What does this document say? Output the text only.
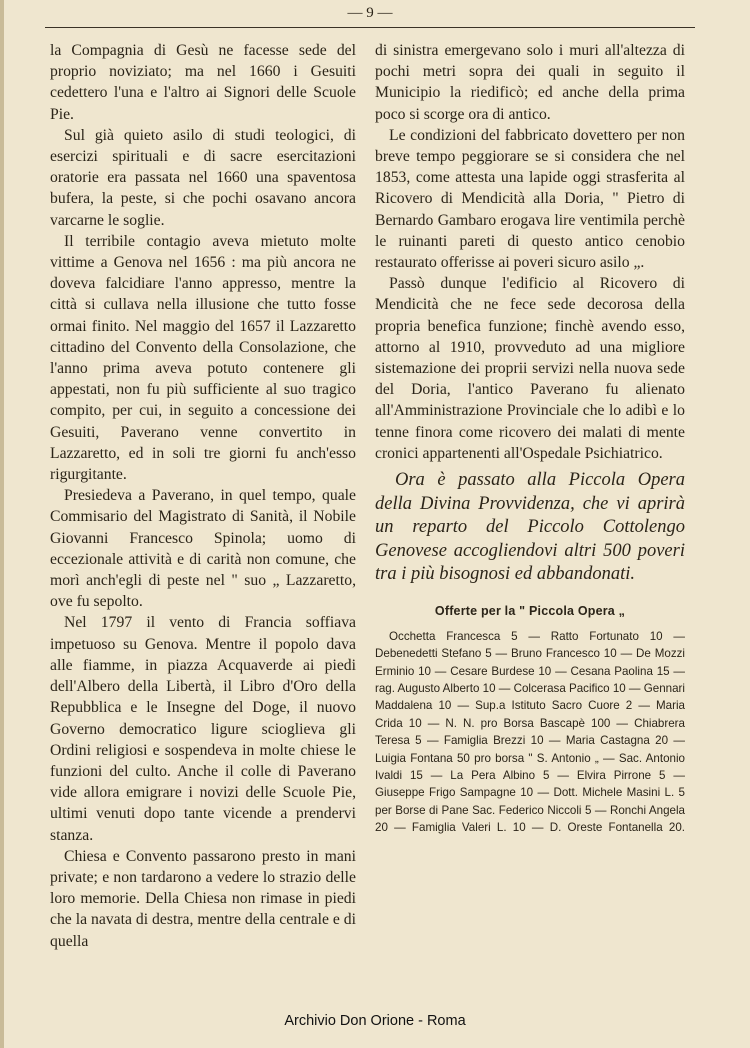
— 9 —

la Compagnia di Gesù ne facesse sede del proprio noviziato; ma nel 1660 i Gesuiti cedettero l'una e l'altro ai Signori delle Scuole Pie.

Sul già quieto asilo di studi teologici, di esercizi spirituali e di sacre esercitazioni oratorie era passata nel 1660 una spaventosa bufera, la peste, si che pochi osavano ancora varcarne le soglie.

Il terribile contagio aveva mietuto molte vittime a Genova nel 1656 : ma più ancora ne doveva falcidiare l'anno appresso, mentre la città si cullava nella illusione che tutto fosse ormai finito. Nel maggio del 1657 il Lazzaretto cittadino del Convento della Consolazione, che l'anno prima aveva potuto contenere gli appestati, non fu più sufficiente al suo tragico compito, per cui, in seguito a concessione dei Gesuiti, Paverano venne convertito in Lazzaretto, ed in soli tre giorni fu anch'esso rigurgitante.

Presiedeva a Paverano, in quel tempo, quale Commisario del Magistrato di Sanità, il Nobile Giovanni Francesco Spinola; uomo di eccezionale attività e di carità non comune, che morì anch'egli di peste nel " suo „ Lazzaretto, ove fu sepolto.

Nel 1797 il vento di Francia soffiava impetuoso su Genova. Mentre il popolo dava alle fiamme, in piazza Acquaverde ai piedi dell'Albero della Libertà, il Libro d'Oro della Repubblica e le Insegne del Doge, il nuovo Governo democratico ligure scioglieva gli Ordini religiosi e sospendeva in molte chiese le funzioni del culto. Anche il colle di Paverano vide allora emigrare i novizi delle Scuole Pie, ultimi venuti dopo tante vicende a prendervi stanza.

Chiesa e Convento passarono presto in mani private; e non tardarono a vedere lo strazio delle loro memorie. Della Chiesa non rimase in piedi che la navata di destra, mentre della centrale e di quella

di sinistra emergevano solo i muri all'altezza di pochi metri sopra dei quali in seguito il Municipio la riedificò; ed anche della prima poco si scorge ora di antico.

Le condizioni del fabbricato dovettero per non breve tempo peggiorare se si considera che nel 1853, come attesta una lapide oggi strasferita al Ricovero di Mendicità alla Doria, " Pietro di Bernardo Gambaro erogava lire ventimila perchè le ruinanti pareti di questo antico cenobio restaurato offerisse ai poveri sicuro asilo „.

Passò dunque l'edificio al Ricovero di Mendicità che ne fece sede decorosa della propria benefica funzione; finchè avendo esso, attorno al 1910, provveduto ad una migliore sistemazione dei proprii servizi nella nuova sede del Doria, l'antico Paverano fu alienato all'Amministrazione Provinciale che lo adibì e lo tenne finora come ricovero dei malati di mente cronici appartenenti all'Ospedale Psichiatrico.

Ora è passato alla Piccola Opera della Divina Provvidenza, che vi aprirà un reparto del Piccolo Cottolengo Genovese accogliendovi altri 500 poveri tra i più bisognosi ed abbandonati.

Offerte per la " Piccola Opera „

Occhetta Francesca 5 — Ratto Fortunato 10 — Debenedetti Stefano 5 — Bruno Francesco 10 — De Mozzi Erminio 10 — Cesare Burdese 10 — Cesana Paolina 15 — rag. Augusto Alberto 10 — Colcerasa Pacifico 10 — Gennari Maddalena 10 — Sup.a Istituto Sacro Cuore 2 — Maria Crida 10 — N. N. pro Borsa Bascapè 100 — Chiabrera Teresa 5 — Famiglia Brezzi 10 — Maria Castagna 20 — Luigia Fontana 50 pro borsa " S. Antonio „ — Sac. Antonio Ivaldi 15 — La Pera Albino 5 — Elvira Pirrone 5 — Giuseppe Frigo Sampagne 10 — Dott. Michele Masini L. 5 per Borse di Pane Sac. Federico Niccoli 5 — Ronchi Angela 20 — Famiglia Valeri L. 10 — D. Oreste Fontanella 20.

Archivio Don Orione - Roma
